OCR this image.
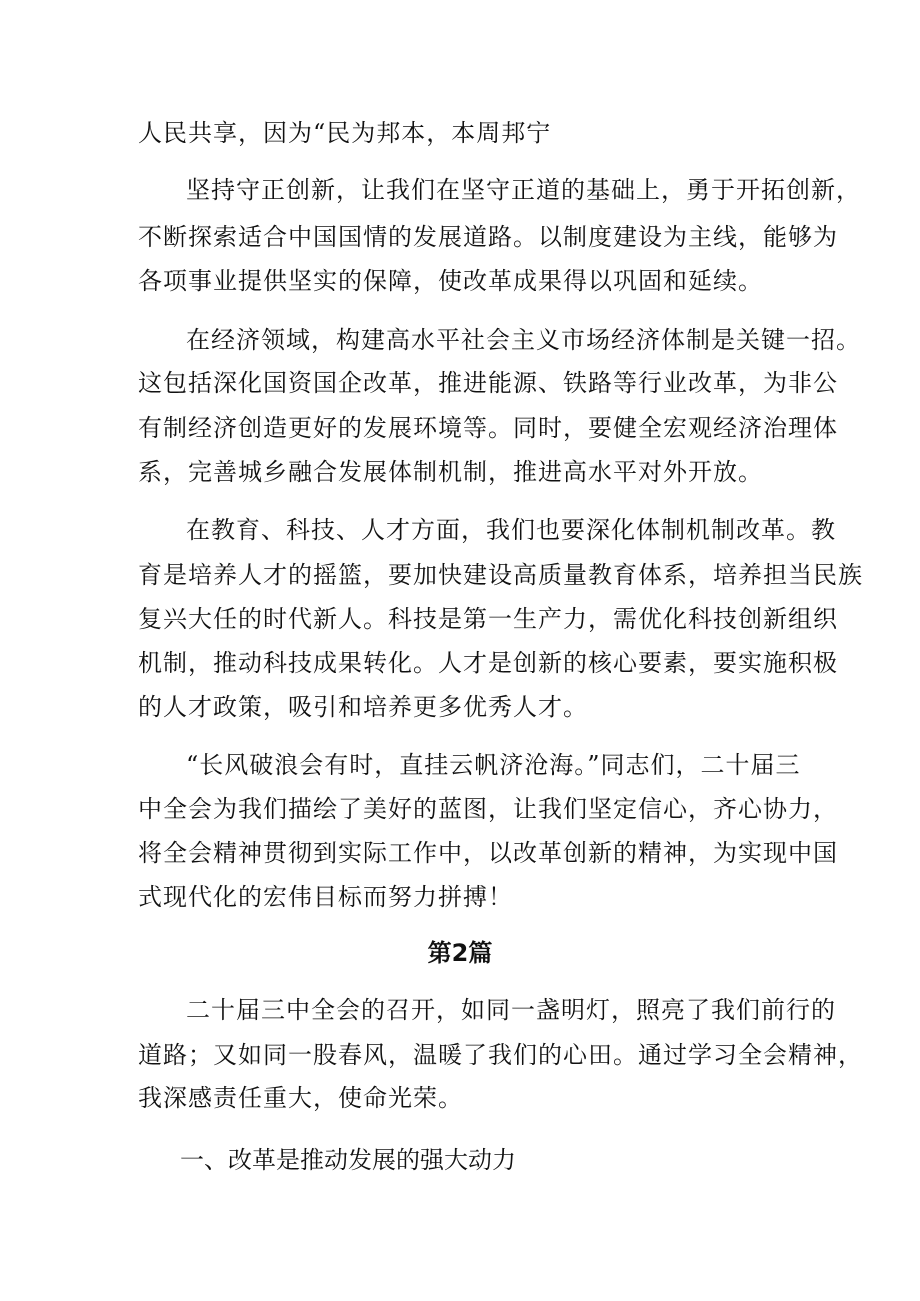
人民共享，因为“民为邦本，本周邦宁

坚持守正创新，让我们在坚守正道的基础上，勇于开拓创新，

不断探索适合中国国情的发展道路。以制度建设为主线，能够为

各项事业提供坚实的保障，使改革成果得以巩固和延续。

在经济领域，构建高水平社会主义市场经济体制是关键一招。

这包括深化国资国企改革，推进能源、铁路等行业改革，为非公

有制经济创造更好的发展环境等。同时，要健全宏观经济治理体

系，完善城乡融合发展体制机制，推进高水平对外开放。

在教育、科技、人才方面，我们也要深化体制机制改革。教

育是培养人才的摇篮，要加快建设高质量教育体系，培养担当民族

复兴大任的时代新人。科技是第一生产力，需优化科技创新组织

机制，推动科技成果转化。人才是创新的核心要素，要实施积极

的人才政策，吸引和培养更多优秀人才。

“长风破浪会有时，直挂云帆济沧海。”同志们，二十届三

中全会为我们描绘了美好的蓝图，让我们坚定信心，齐心协力，

将全会精神贯彻到实际工作中，以改革创新的精神，为实现中国

式现代化的宏伟目标而努力拼搏！

第2篇

二十届三中全会的召开，如同一盏明灯，照亮了我们前行的

道路；又如同一股春风，温暖了我们的心田。通过学习全会精神，

我深感责任重大，使命光荣。

一、改革是推动发展的强大动力
